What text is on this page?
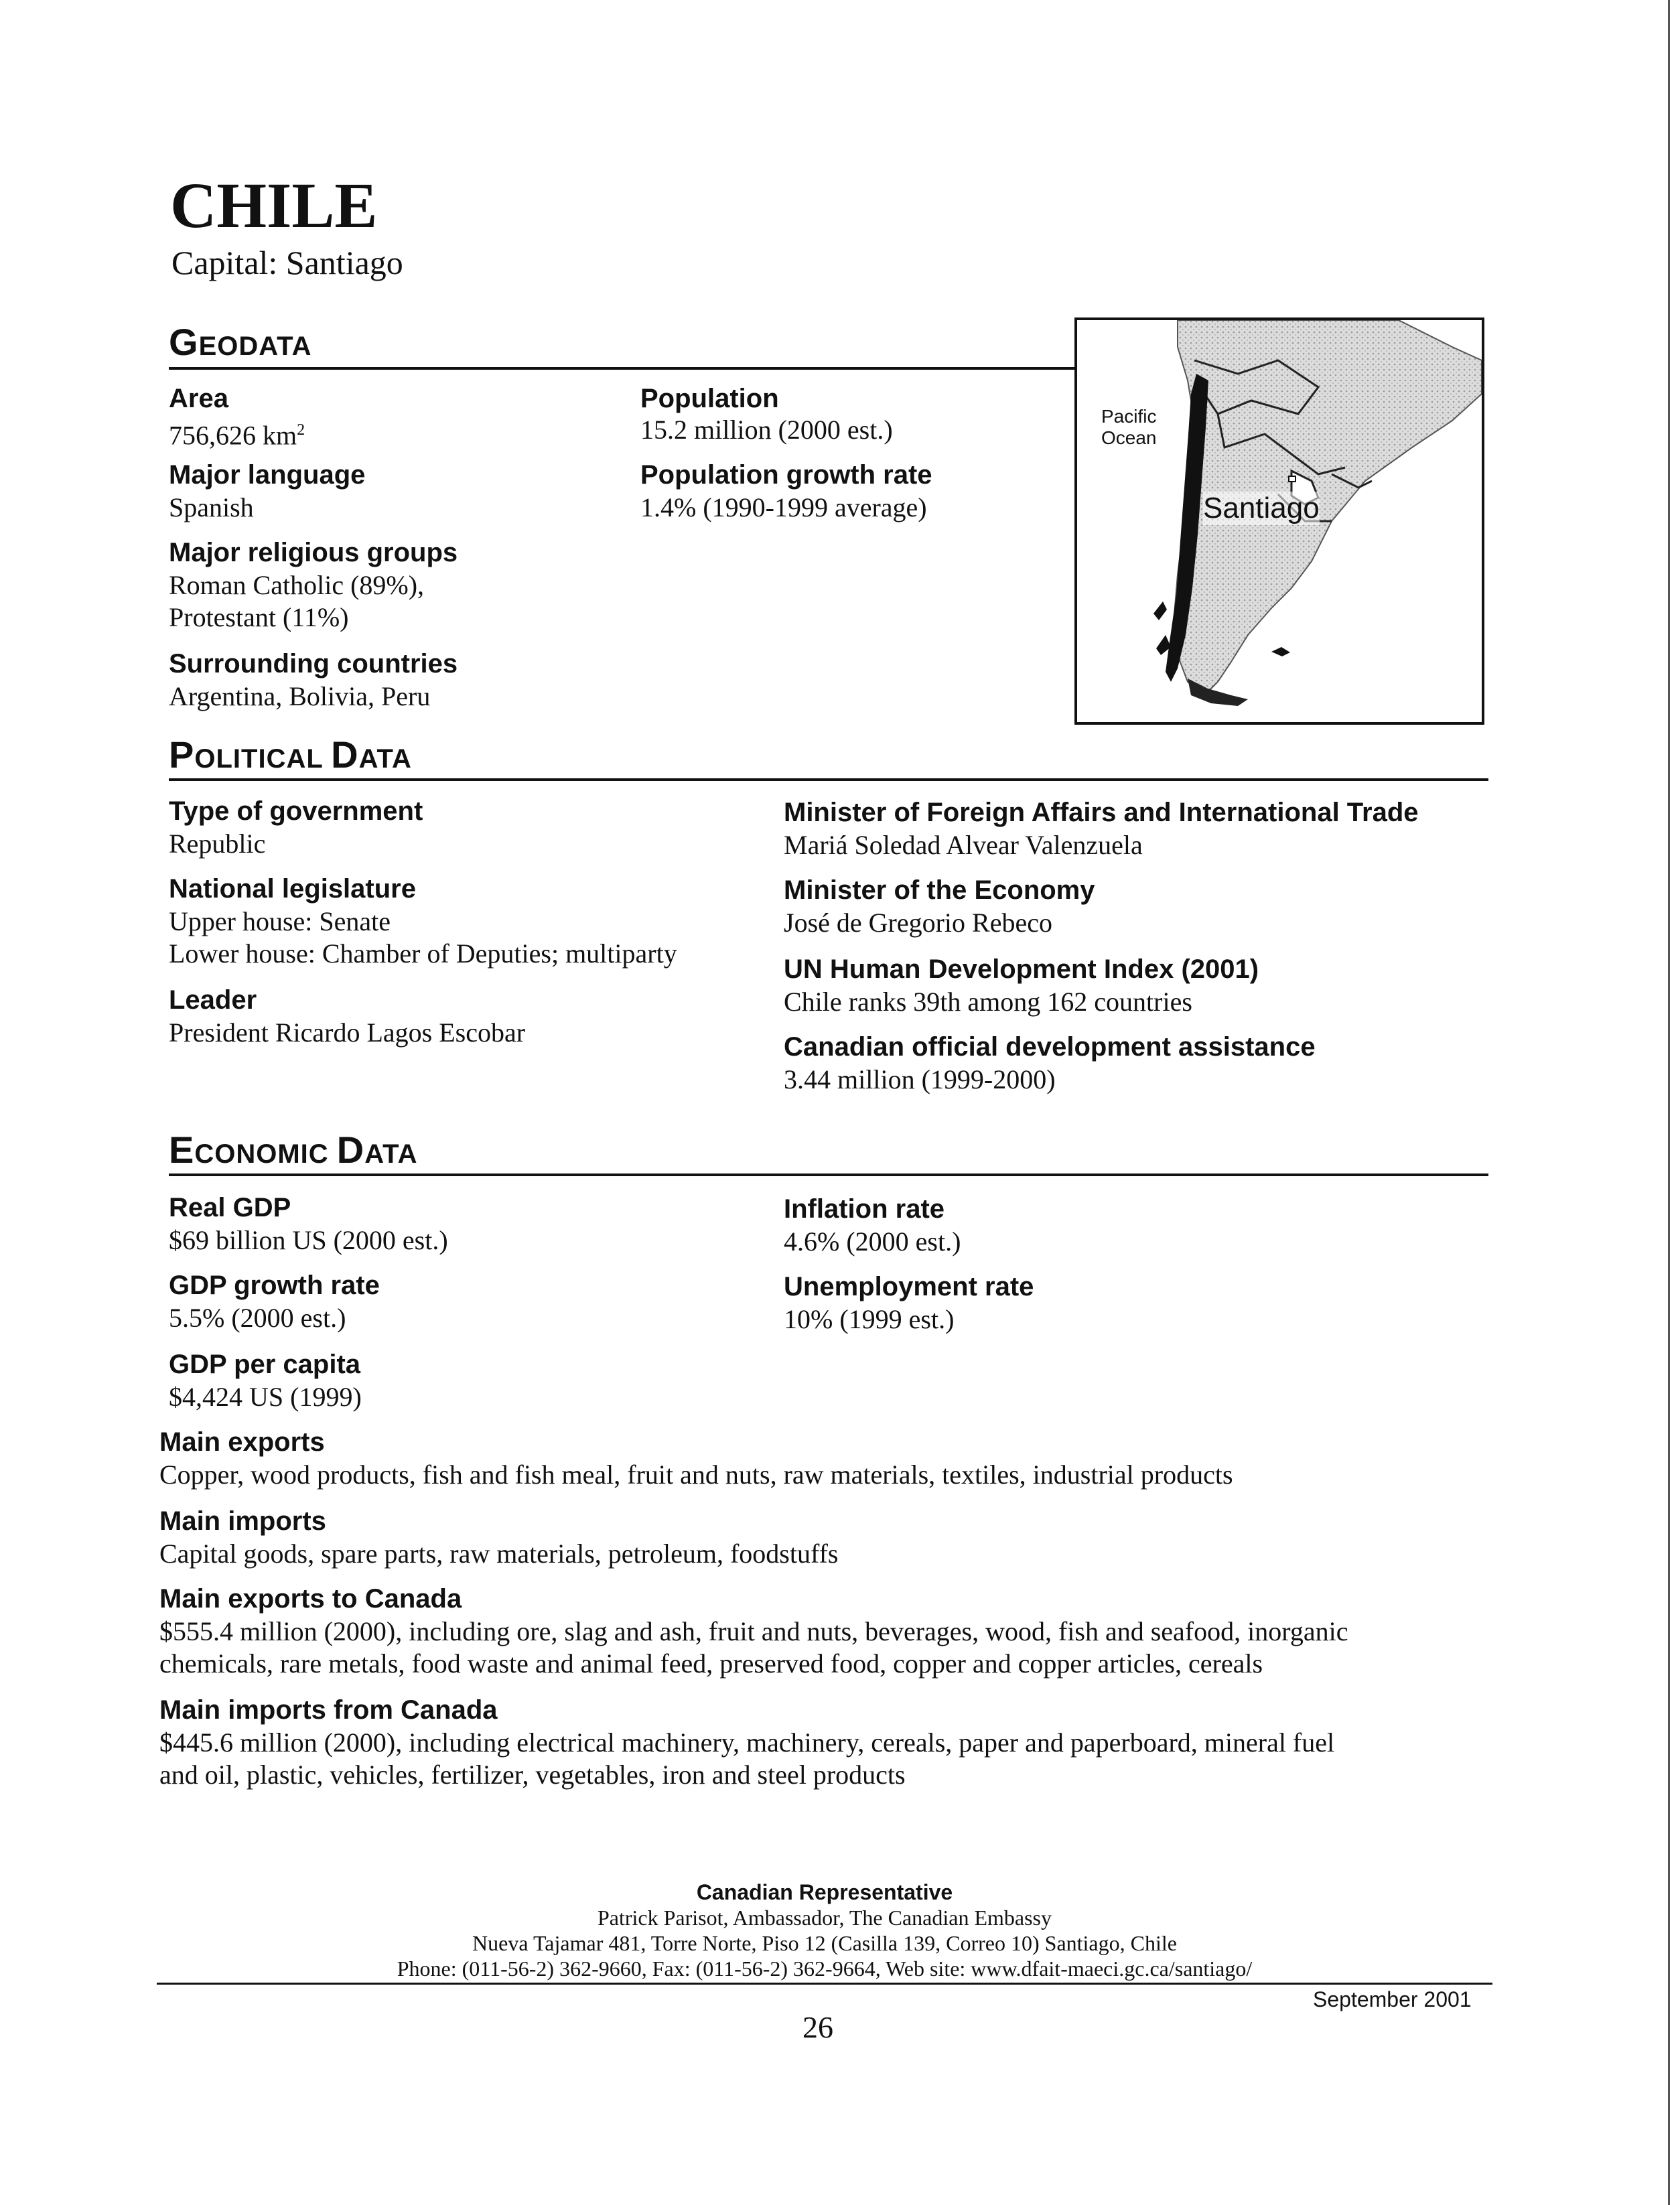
CHILE
Capital: Santiago
GEODATA
Area
756,626 $km^2$
Major language
Spanish
Major religious groups
Roman Catholic (89%),
Protestant (11%)
Surrounding countries
Argentina, Bolivia, Peru
Population
15.2 million (2000 est.)
Population growth rate
1.4% (1990-1999 average)
Pacific
Ocean
Santiago
POLITICAL DATA
Type of government
Republic
National legislature
Upper house: Senate
Lower house: Chamber of Deputies; multiparty
Leader
President Ricardo Lagos Escobar
Minister of Foreign Affairs and International Trade
Mariá Soledad Alvear Valenzuela
Minister of the Economy
José de Gregorio Rebeco
UN Human Development Index (2001)
Chile ranks 39th among 162 countries
Canadian official development assistance
3.44 million (1999-2000)
ECONOMIC DATA
Real GDP
$69 billion US (2000 est.)
GDP growth rate
5.5% (2000 est.)
GDP per capita
$4,424 US (1999)
Inflation rate
4.6% (2000 est.)
Unemployment rate
10% (1999 est.)
Main exports
Copper, wood products, fish and fish meal, fruit and nuts, raw materials, textiles, industrial products
Main imports
Capital goods, spare parts, raw materials, petroleum, foodstuffs
Main exports to Canada
$555.4 million (2000), including ore, slag and ash, fruit and nuts, beverages, wood, fish and seafood, inorganic
chemicals, rare metals, food waste and animal feed, preserved food, copper and copper articles, cereals
Main imports from Canada
$445.6 million (2000), including electrical machinery, machinery, cereals, paper and paperboard, mineral fuel
and oil, plastic, vehicles, fertilizer, vegetables, iron and steel products
Canadian Representative
Patrick Parisot, Ambassador, The Canadian Embassy
Nueva Tajamar 481, Torre Norte, Piso 12 (Casilla 139, Correo 10) Santiago, Chile
Phone: (011-56-2) 362-9660, Fax: (011-56-2) 362-9664, Web site: www.dfait-maeci.gc.ca/santiago/
September 2001
26
